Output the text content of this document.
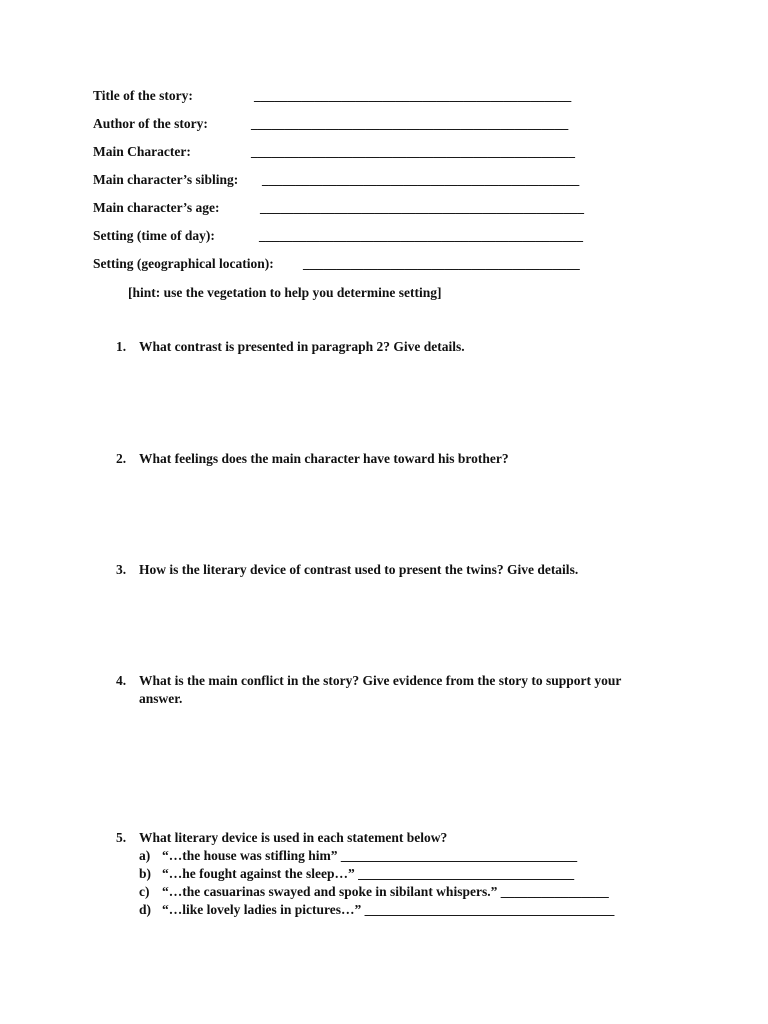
Title of the story:	_______________________________________________
Author of the story:	_______________________________________________
Main Character:	________________________________________________
Main character’s sibling: _______________________________________________
Main character’s age:	________________________________________________
Setting (time of day):	________________________________________________
Setting (geographical location): _________________________________________
[hint: use the vegetation to help you determine setting]
1. What contrast is presented in paragraph 2? Give details.
2. What feelings does the main character have toward his brother?
3. How is the literary device of contrast used to present the twins? Give details.
4. What is the main conflict in the story? Give evidence from the story to support your answer.
5. What literary device is used in each statement below?
a) “…the house was stifling him” ___________________________________
b) “…he fought against the sleep…” ________________________________
c) “…the casuarinas swayed and spoke in sibilant whispers.” ________________
d) “…like lovely ladies in pictures…” _____________________________________
